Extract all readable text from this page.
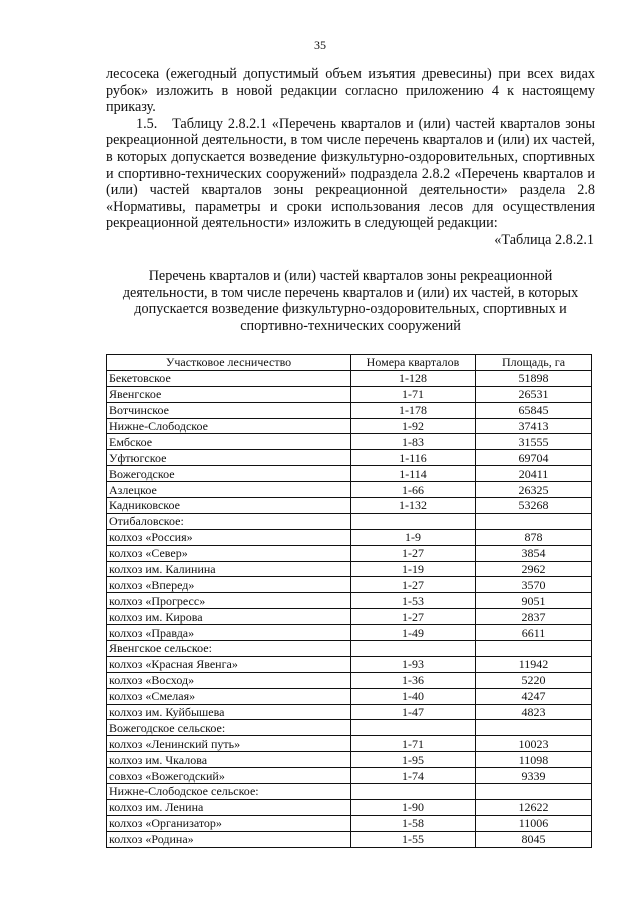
35

лесосека (ежегодный допустимый объем изъятия древесины) при всех видах рубок» изложить в новой редакции согласно приложению 4 к настоящему приказу.

1.5.   Таблицу 2.8.2.1 «Перечень кварталов и (или) частей кварталов зоны рекреационной деятельности, в том числе перечень кварталов и (или) их частей, в которых допускается возведение физкультурно-оздоровительных, спортивных и спортивно-технических сооружений» подраздела 2.8.2 «Перечень кварталов и (или) частей кварталов зоны рекреационной деятельности» раздела 2.8 «Нормативы, параметры и сроки использования лесов для осуществления рекреационной деятельности» изложить в следующей редакции:

«Таблица 2.8.2.1
Перечень кварталов и (или) частей кварталов зоны рекреационной деятельности, в том числе перечень кварталов и (или) их частей, в которых допускается возведение физкультурно-оздоровительных, спортивных и спортивно-технических сооружений
Участковое лесничество	Номера кварталов	Площадь, га
Бекетовское	1-128	51898
Явенгское	1-71	26531
Вотчинское	1-178	65845
Нижне-Слободское	1-92	37413
Ембское	1-83	31555
Уфтюгское	1-116	69704
Вожегодское	1-114	20411
Азлецкое	1-66	26325
Кадниковское	1-132	53268
Отибаловское:		
колхоз «Россия»	1-9	878
колхоз «Север»	1-27	3854
колхоз им. Калинина	1-19	2962
колхоз «Вперед»	1-27	3570
колхоз «Прогресс»	1-53	9051
колхоз им. Кирова	1-27	2837
колхоз «Правда»	1-49	6611
Явенгское сельское:		
колхоз «Красная Явенга»	1-93	11942
колхоз «Восход»	1-36	5220
колхоз «Смелая»	1-40	4247
колхоз им. Куйбышева	1-47	4823
Вожегодское сельское:		
колхоз «Ленинский путь»	1-71	10023
колхоз им. Чкалова	1-95	11098
совхоз «Вожегодский»	1-74	9339
Нижне-Слободское сельское:		
колхоз им. Ленина	1-90	12622
колхоз «Организатор»	1-58	11006
колхоз «Родина»	1-55	8045
